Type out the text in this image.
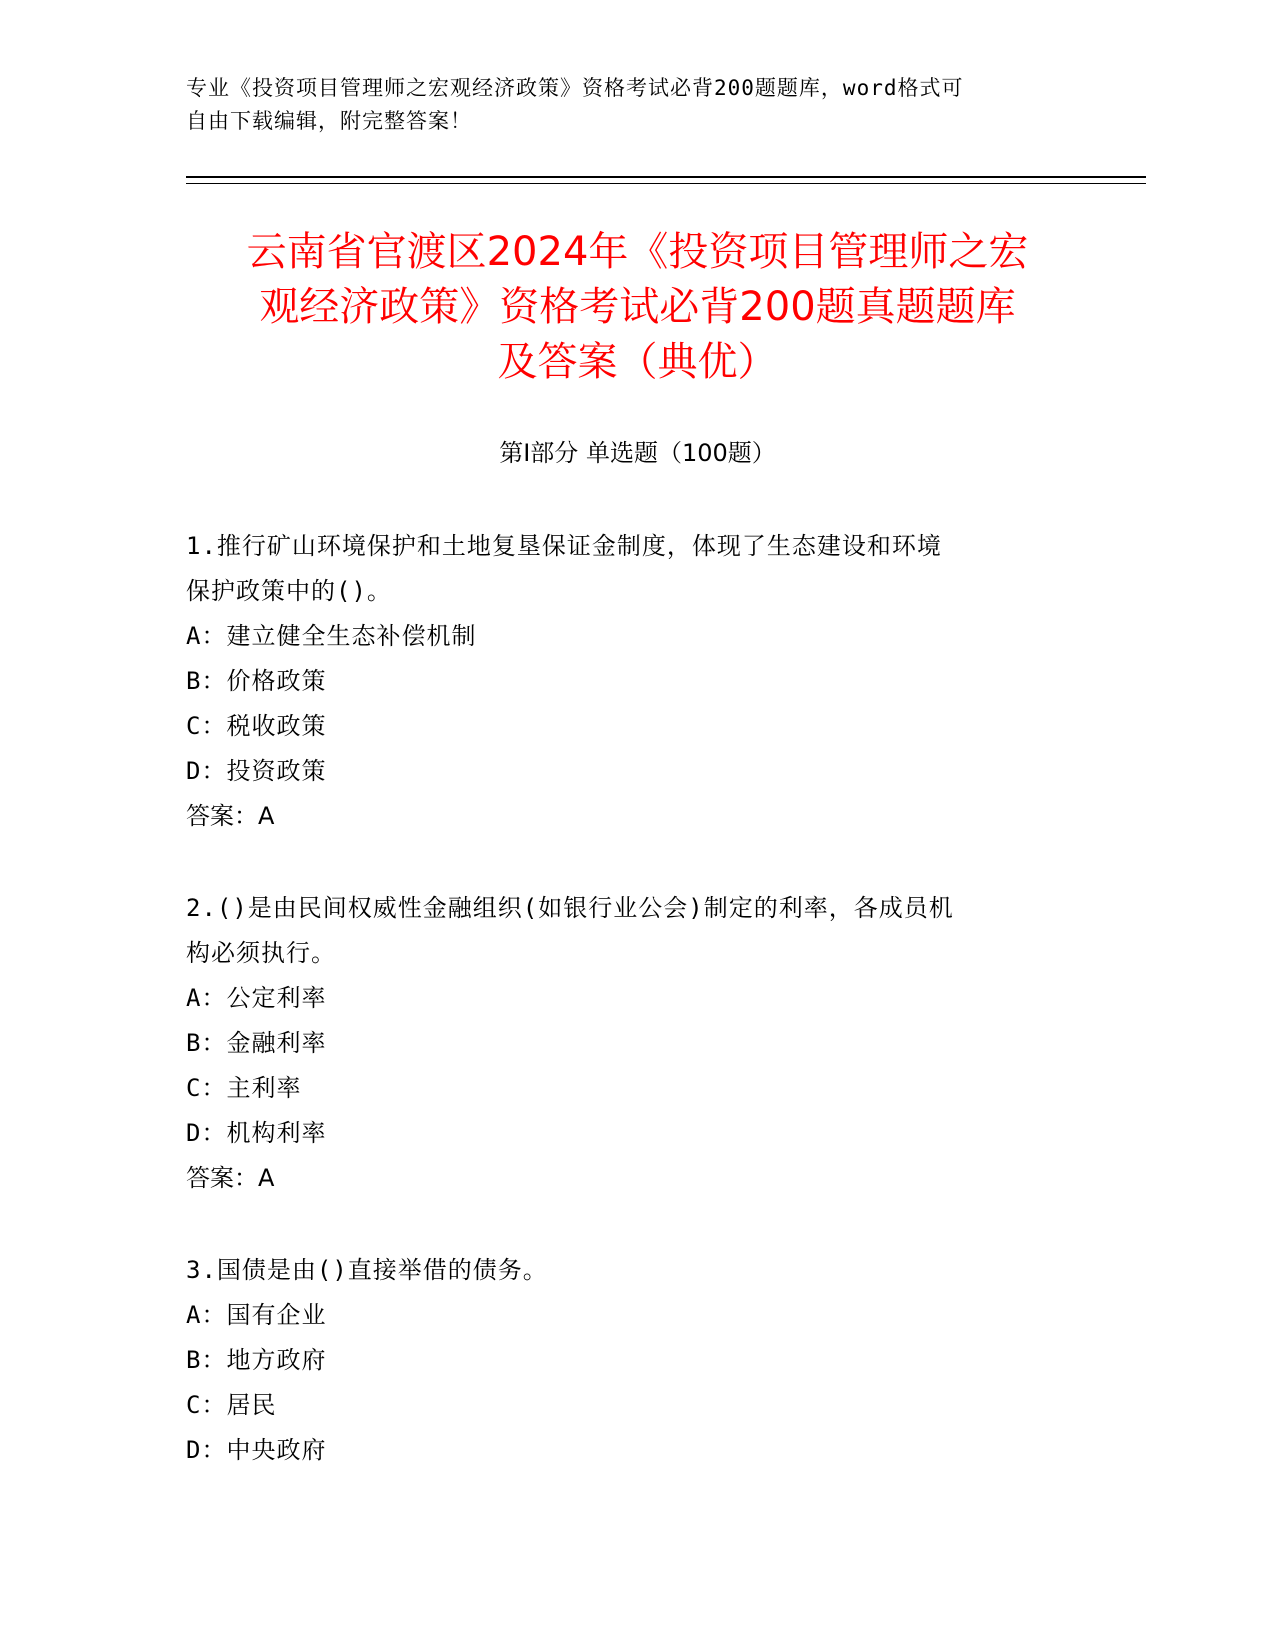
专业《投资项目管理师之宏观经济政策》资格考试必背200题题库，word格式可
自由下载编辑，附完整答案！
云南省官渡区2024年《投资项目管理师之宏
观经济政策》资格考试必背200题真题题库
及答案（典优）
第Ⅰ部分 单选题（100题）
1.推行矿山环境保护和土地复垦保证金制度，体现了生态建设和环境
保护政策中的()。
A：建立健全生态补偿机制
B：价格政策
C：税收政策
D：投资政策
答案：A
2.()是由民间权威性金融组织(如银行业公会)制定的利率，各成员机
构必须执行。
A：公定利率
B：金融利率
C：主利率
D：机构利率
答案：A
3.国债是由()直接举借的债务。
A：国有企业
B：地方政府
C：居民
D：中央政府
